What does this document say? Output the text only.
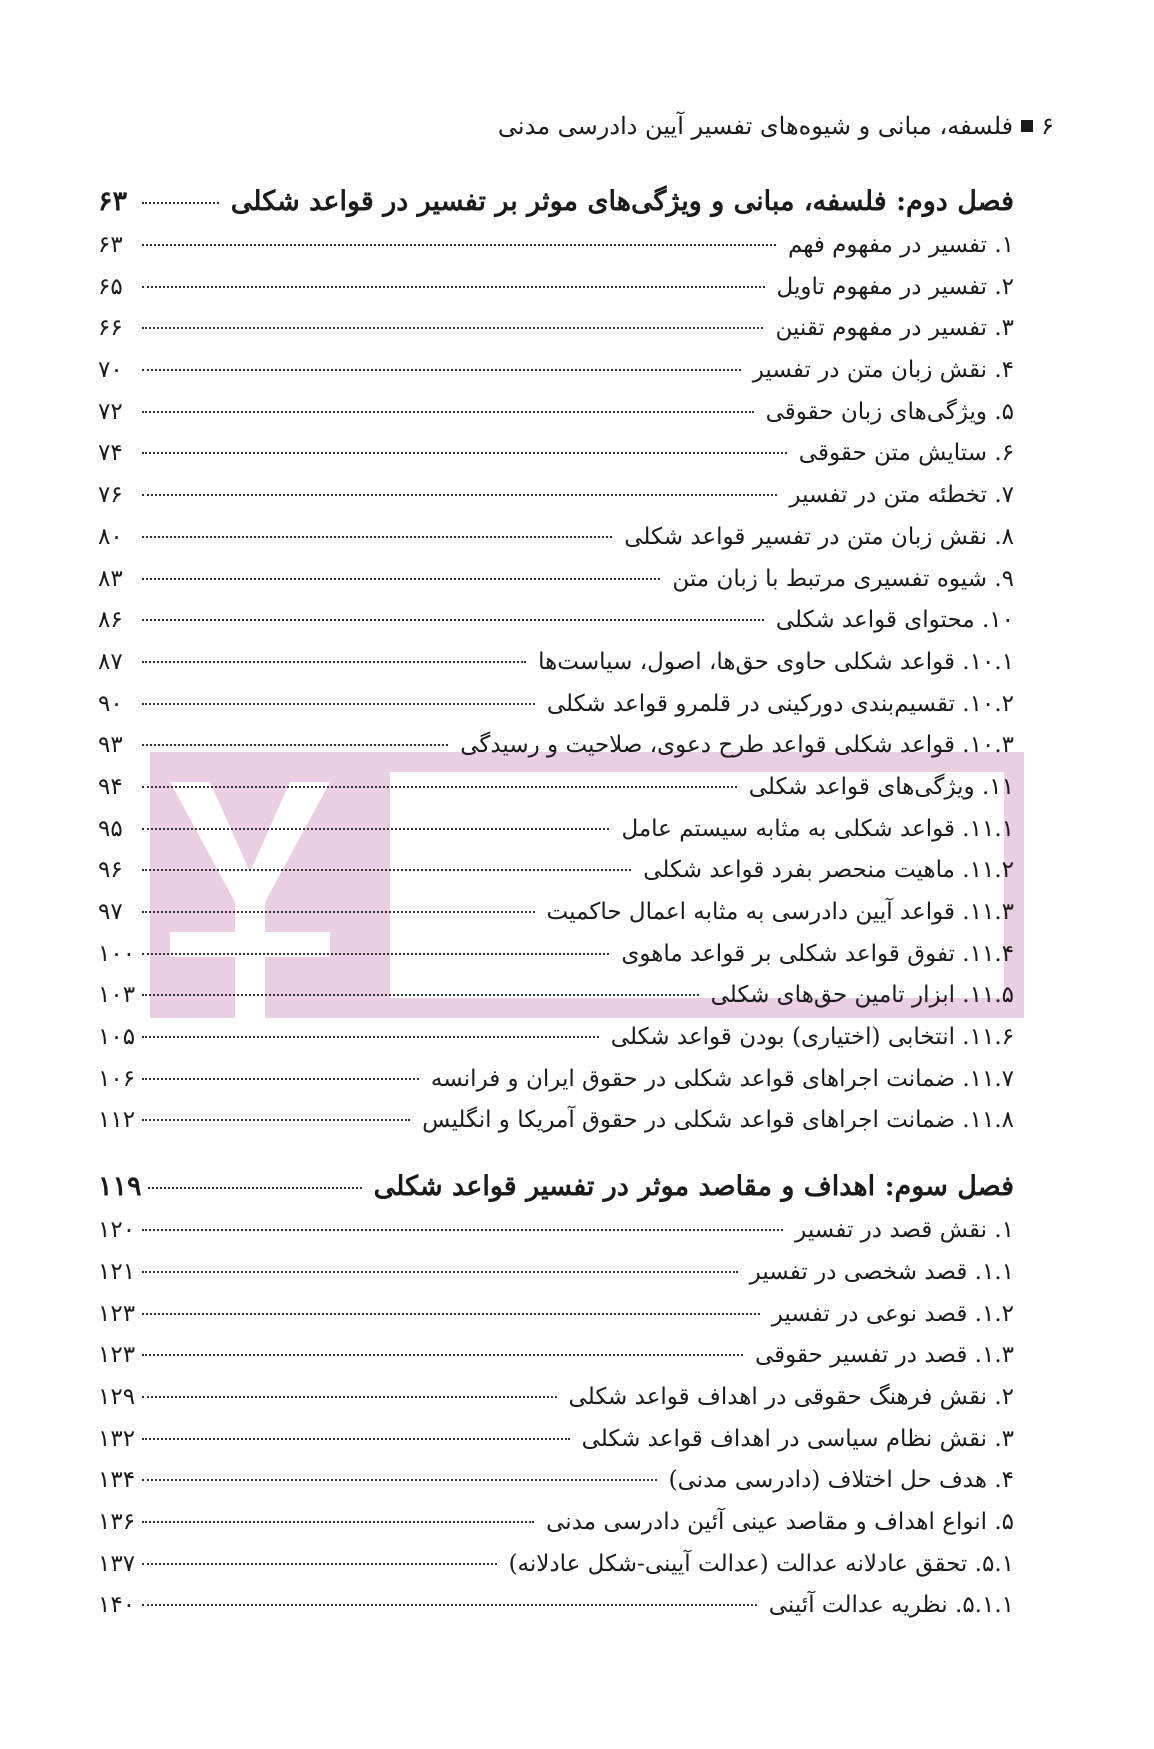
۶
فلسفه، مبانی و شیوه‌های تفسیر آیین دادرسی مدنی
فصل دوم: فلسفه، مبانی و ویژگی‌های موثر بر تفسیر در قواعد شکلی
۶۳
۱. تفسیر در مفهوم فهم
۶۳
۲. تفسیر در مفهوم تاویل
۶۵
۳. تفسیر در مفهوم تقنین
۶۶
۴. نقش زبان متن در تفسیر
۷۰
۵. ویژگی‌های زبان حقوقی
۷۲
۶. ستایش متن حقوقی
۷۴
۷. تخطئه متن در تفسیر
۷۶
۸. نقش زبان متن در تفسیر قواعد شکلی
۸۰
۹. شیوه تفسیری مرتبط با زبان متن
۸۳
۱۰. محتوای قواعد شکلی
۸۶
۱۰.۱. قواعد شکلی حاوی حق‌ها، اصول، سیاست‌ها
۸۷
۱۰.۲. تقسیم‌بندی دورکینی در قلمرو قواعد شکلی
۹۰
۱۰.۳. قواعد شکلی قواعد طرح دعوی، صلاحیت و رسیدگی
۹۳
۱۱. ویژگی‌های قواعد شکلی
۹۴
۱۱.۱. قواعد شکلی به مثابه سیستم عامل
۹۵
۱۱.۲. ماهیت منحصر بفرد قواعد شکلی
۹۶
۱۱.۳. قواعد آیین دادرسی به مثابه اعمال حاکمیت
۹۷
۱۱.۴. تفوق قواعد شکلی بر قواعد ماهوی
۱۰۰
۱۱.۵. ابزار تامین حق‌های شکلی
۱۰۳
۱۱.۶. انتخابی (اختیاری) بودن قواعد شکلی
۱۰۵
۱۱.۷. ضمانت اجراهای قواعد شکلی در حقوق ایران و فرانسه
۱۰۶
۱۱.۸. ضمانت اجراهای قواعد شکلی در حقوق آمریکا و انگلیس
۱۱۲
فصل سوم: اهداف و مقاصد موثر در تفسیر قواعد شکلی
۱۱۹
۱. نقش قصد در تفسیر
۱۲۰
۱.۱. قصد شخصی در تفسیر
۱۲۱
۱.۲. قصد نوعی در تفسیر
۱۲۳
۱.۳. قصد در تفسیر حقوقی
۱۲۳
۲. نقش فرهنگ حقوقی در اهداف قواعد شکلی
۱۲۹
۳. نقش نظام سیاسی در اهداف قواعد شکلی
۱۳۲
۴. هدف حل اختلاف (دادرسی مدنی)
۱۳۴
۵. انواع اهداف و مقاصد عینی آئین دادرسی مدنی
۱۳۶
۵.۱. تحقق عادلانه عدالت (عدالت آیینی-شکل عادلانه)
۱۳۷
۵.۱.۱. نظریه عدالت آئینی
۱۴۰
